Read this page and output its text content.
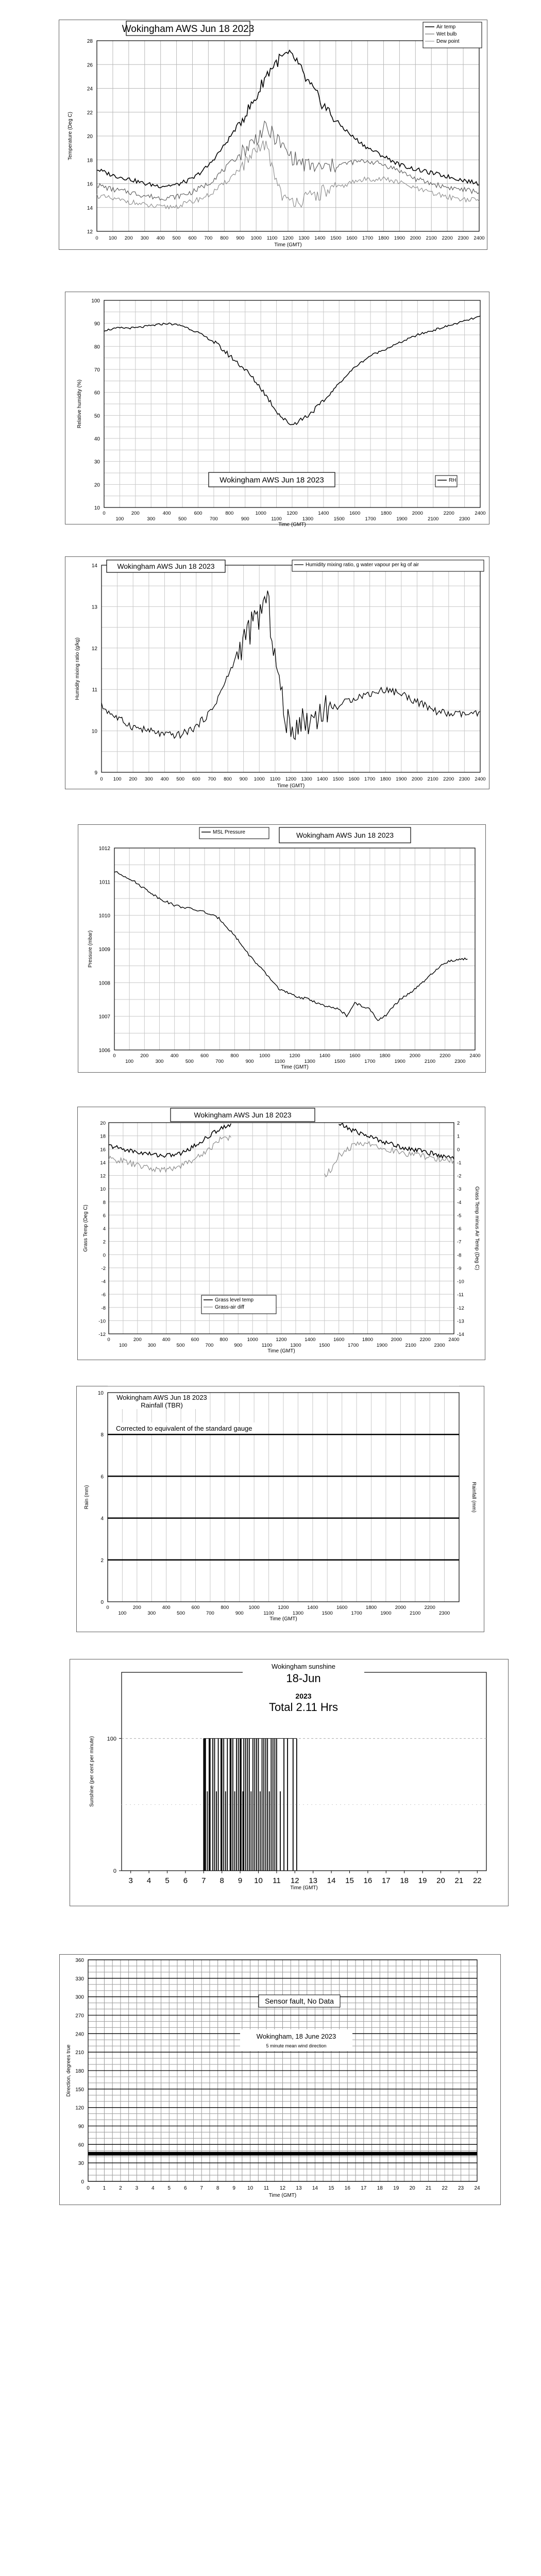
12
14
16
18
20
22
24
26
28
0 100 200 300 400 500 600 700 800 900 1000 1100 1200 1300 1400 1500 1600 1700 1800 1900 2000 2100 2200 2300 2400
Time (GMT)
Temperature (Deg C)
Wokingham AWS Jun 18 2023	Air temp
Wet bulb
Dew point
10
20
30
40
50
60
70
80
90
100
0	200	400	600	800	1000	1200	1400	1600	1800	2000	2200	2400
100	300	500	700	900	1100	1300	1500	1700	1900	2100	2300
Time (GMT)
Relative humidity (%)
Wokingham AWS Jun 18 2023	RH
9
10
11
12
13
14
0 100 200 300 400 500 600 700 800 900 1000 1100 1200 1300 1400 1500 1600 1700 1800 1900 2000 2100 2200 2300 2400
Time (GMT)
Humidity mixing ratio (g/kg)
Wokingham AWS Jun 18 2023	Humidity mixing ratio, g water vapour per kg of air
1006
1007
1008
1009
1010
1011
1012
0	200	400	600	800	1000	1200	1400	1600	1800	2000	2200	2400
100	300	500	700	900	1100	1300	1500	1700	1900	2100	2300
Time (GMT)
Pressure (mbar)
MSL Pressure	Wokingham AWS Jun 18 2023
-12
-10
-8
-6
-4
-2
0
2
4
6
8
10
12
14
16
18
20
-14
-13
-12
-11
-10
-9
-8
-7
-6
-5
-4
-3
-2
-1
0
1
2
0	200	400	600	800	1000	1200	1400	1600	1800	2000	2200	2400
100	300	500	700	900	1100	1300	1500	1700	1900	2100	2300
Time (GMT)
Grass Temp (Deg C)	Grass Temp minus Air Temp (Deg C)
Wokingham AWS Jun 18 2023
Grass level temp
Grass-air diff
0
2
4
6
8
10
0	200	400	600	800	1000	1200	1400	1600	1800	2000	2200
100	300	500	700	900	1100	1300	1500	1700	1900	2100	2300
Time (GMT)
Rain (mm)	Rainfall (mm)
Wokingham AWS Jun 18 2023
Rainfall (TBR)
Corrected to equivalent of the standard gauge
100
0
3 4 5 6 7 8 9 10 11 12 13 14 15 16 17 18 19 20 21 22
Time (GMT)
Sunshine (per cent per minute)
Wokingham sunshine
18-Jun
2023
Total 2.11 Hrs
0
30
60
90
120
150
180
210
240
270
300
330
360
0	1	2	3	4	5	6	7	8	9 10 11 12 13 14 15 16 17 18 19 20 21 22 23 24
Time (GMT)
Direction, degrees true
Sensor fault, No Data
Wokingham, 18 June 2023
5 minute mean wind direction
